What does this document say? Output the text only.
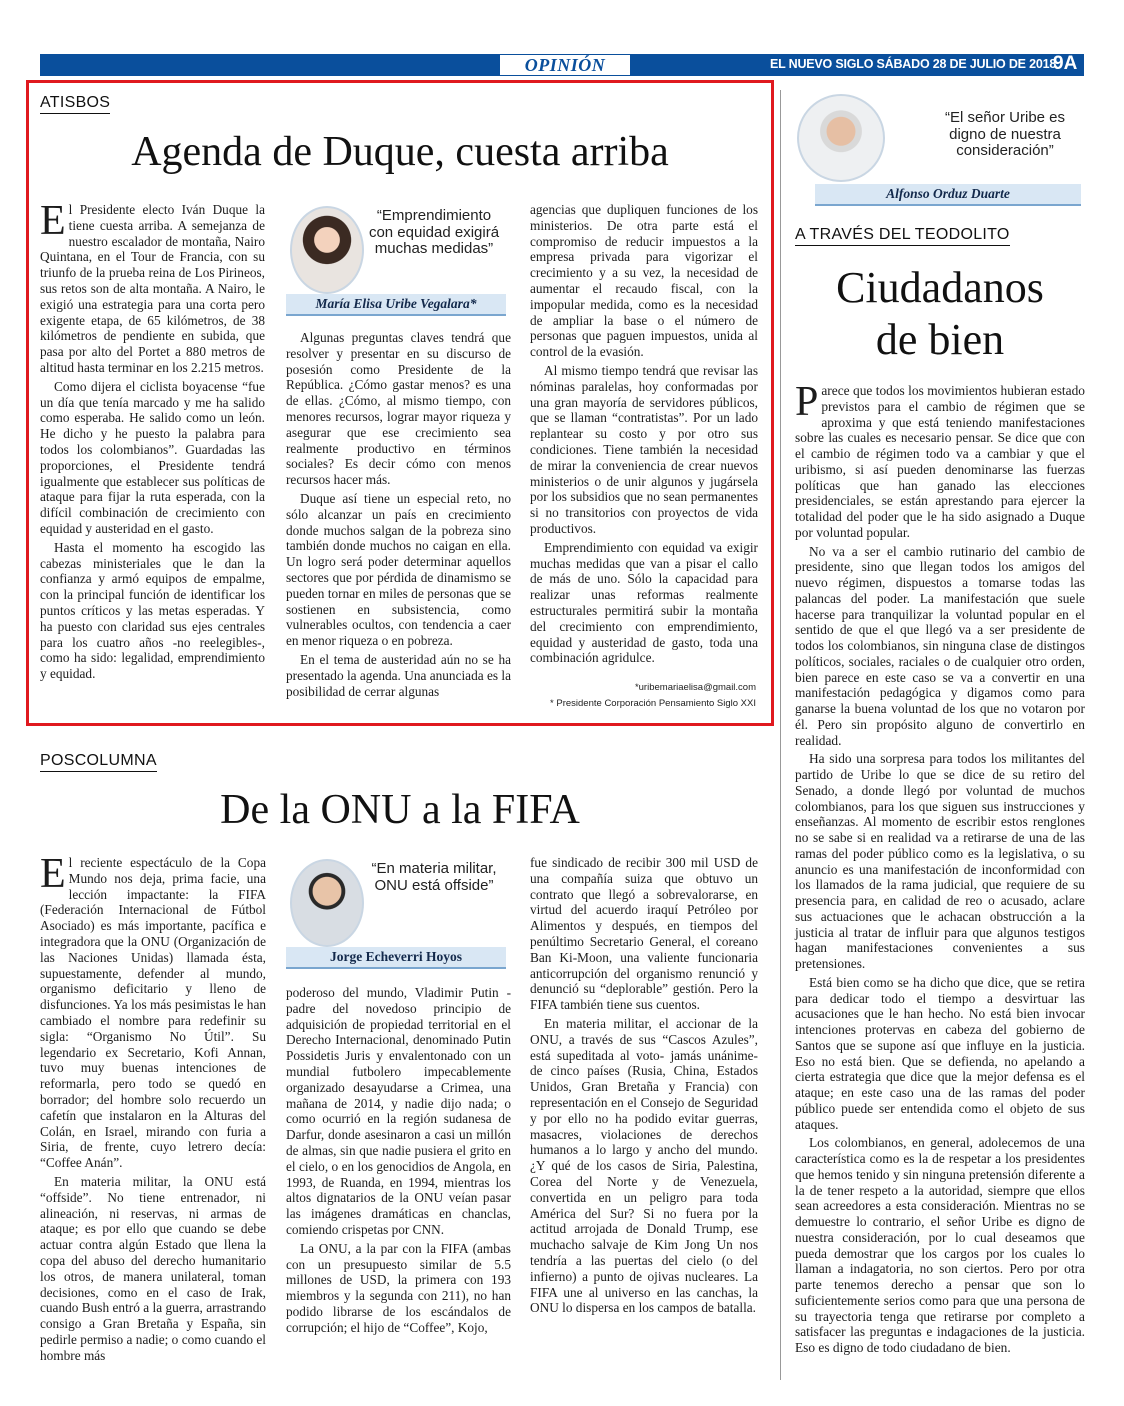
OPINIÓN	EL NUEVO SIGLO SÁBADO 28 DE JULIO DE 2018
9A
ATISBOS
Agenda de Duque, cuesta arriba

El Presidente electo Iván Duque la tiene cuesta arriba. A semejanza de nuestro escalador de montaña, Nairo Quintana, en el Tour de Francia, con su triunfo de la prueba reina de Los Pirineos, sus retos son de alta montaña. A Nairo, le exigió una estrategia para una corta pero exigente etapa, de 65 kilómetros, de 38 kilómetros de pendiente en subida, que pasa por alto del Portet a 880 metros de altitud hasta terminar en los 2.215 metros.

Como dijera el ciclista boyacense “fue un día que tenía marcado y me ha salido como esperaba. He salido como un león. He dicho y he puesto la palabra para todos los colombianos”. Guardadas las proporciones, el Presidente tendrá igualmente que establecer sus políticas de ataque para fijar la ruta esperada, con la difícil combinación de crecimiento con equidad y austeridad en el gasto.

Hasta el momento ha escogido las cabezas ministeriales que le dan la confianza y armó equipos de empalme, con la principal función de identificar los puntos críticos y las metas esperadas. Y ha puesto con claridad sus ejes centrales para los cuatro años -no reelegibles-, como ha sido: legalidad, emprendimiento y equidad.

“Emprendimiento con equidad exigirá muchas medidas”
María Elisa Uribe Vegalara*

Algunas preguntas claves tendrá que resolver y presentar en su discurso de posesión como Presidente de la República. ¿Cómo gastar menos? es una de ellas. ¿Cómo, al mismo tiempo, con menores recursos, lograr mayor riqueza y asegurar que ese crecimiento sea realmente productivo en términos sociales? Es decir cómo con menos recursos hacer más.

Duque así tiene un especial reto, no sólo alcanzar un país en crecimiento donde muchos salgan de la pobreza sino también donde muchos no caigan en ella. Un logro será poder determinar aquellos sectores que por pérdida de dinamismo se pueden tornar en miles de personas que se sostienen en subsistencia, como vulnerables ocultos, con tendencia a caer en menor riqueza o en pobreza.

En el tema de austeridad aún no se ha presentado la agenda. Una anunciada es la posibilidad de cerrar algunas

agencias que dupliquen funciones de los ministerios. De otra parte está el compromiso de reducir impuestos a la empresa privada para vigorizar el crecimiento y a su vez, la necesidad de aumentar el recaudo fiscal, con la impopular medida, como es la necesidad de ampliar la base o el número de personas que paguen impuestos, unida al control de la evasión.

Al mismo tiempo tendrá que revisar las nóminas paralelas, hoy conformadas por una gran mayoría de servidores públicos, que se llaman “contratistas”. Por un lado replantear su costo y por otro sus condiciones. Tiene también la necesidad de mirar la conveniencia de crear nuevos ministerios o de unir algunos y jugársela por los subsidios que no sean permanentes si no transitorios con proyectos de vida productivos.

Emprendimiento con equidad va exigir muchas medidas que van a pisar el callo de más de uno. Sólo la capacidad para realizar unas reformas realmente estructurales permitirá subir la montaña del crecimiento con emprendimiento, equidad y austeridad de gasto, toda una combinación agridulce.

*uribemariaelisa@gmail.com
* Presidente Corporación Pensamiento Siglo XXI
POSCOLUMNA
De la ONU a la FIFA

El reciente espectáculo de la Copa Mundo nos deja, prima facie, una lección impactante: la FIFA (Federación Internacional de Fútbol Asociado) es más importante, pacífica e integradora que la ONU (Organización de las Naciones Unidas) llamada ésta, supuestamente, defender al mundo, organismo deficitario y lleno de disfunciones. Ya los más pesimistas le han cambiado el nombre para redefinir su sigla: “Organismo No Útil”. Su legendario ex Secretario, Kofi Annan, tuvo muy buenas intenciones de reformarla, pero todo se quedó en borrador; del hombre solo recuerdo un cafetín que instalaron en la Alturas del Colán, en Israel, mirando con furia a Siria, de frente, cuyo letrero decía: “Coffee Anán”.

En materia militar, la ONU está “offside”. No tiene entrenador, ni alineación, ni reservas, ni armas de ataque; es por ello que cuando se debe actuar contra algún Estado que llena la copa del abuso del derecho humanitario los otros, de manera unilateral, toman decisiones, como en el caso de Irak, cuando Bush entró a la guerra, arrastrando consigo a Gran Bretaña y España, sin pedirle permiso a nadie; o como cuando el hombre más

“En materia militar, ONU está offside”
Jorge Echeverri Hoyos

poderoso del mundo, Vladimir Putin -padre del novedoso principio de adquisición de propiedad territorial en el Derecho Internacional, denominado Putin Possidetis Juris y envalentonado con un mundial futbolero impecablemente organizado desayudarse a Crimea, una mañana de 2014, y nadie dijo nada; o como ocurrió en la región sudanesa de Darfur, donde asesinaron a casi un millón de almas, sin que nadie pusiera el grito en el cielo, o en los genocidios de Angola, en 1993, de Ruanda, en 1994, mientras los altos dignatarios de la ONU veían pasar las imágenes dramáticas en chanclas, comiendo crispetas por CNN.

La ONU, a la par con la FIFA (ambas con un presupuesto similar de 5.5 millones de USD, la primera con 193 miembros y la segunda con 211), no han podido librarse de los escándalos de corrupción; el hijo de “Coffee”, Kojo,

fue sindicado de recibir 300 mil USD de una compañía suiza que obtuvo un contrato que llegó a sobrevalorarse, en virtud del acuerdo iraquí Petróleo por Alimentos y después, en tiempos del penúltimo Secretario General, el coreano Ban Ki-Moon, una valiente funcionaria anticorrupción del organismo renunció y denunció su “deplorable” gestión. Pero la FIFA también tiene sus cuentos.

En materia militar, el accionar de la ONU, a través de sus “Cascos Azules”, está supeditada al voto- jamás unánime- de cinco países (Rusia, China, Estados Unidos, Gran Bretaña y Francia) con representación en el Consejo de Seguridad y por ello no ha podido evitar guerras, masacres, violaciones de derechos humanos a lo largo y ancho del mundo. ¿Y qué de los casos de Siria, Palestina, Corea del Norte y de Venezuela, convertida en un peligro para toda América del Sur? Si no fuera por la actitud arrojada de Donald Trump, ese muchacho salvaje de Kim Jong Un nos tendría a las puertas del cielo (o del infierno) a punto de ojivas nucleares. La FIFA une al universo en las canchas, la ONU lo dispersa en los campos de batalla.

“El señor Uribe es digno de nuestra consideración”
Alfonso Orduz Duarte
A TRAVÉS DEL TEODOLITO
Ciudadanos
de bien

Parece que todos los movimientos hubieran estado previstos para el cambio de régimen que se aproxima y que está teniendo manifestaciones sobre las cuales es necesario pensar. Se dice que con el cambio de régimen todo va a cambiar y que el uribismo, si así pueden denominarse las fuerzas políticas que han ganado las elecciones presidenciales, se están aprestando para ejercer la totalidad del poder que le ha sido asignado a Duque por voluntad popular.

No va a ser el cambio rutinario del cambio de presidente, sino que llegan todos los amigos del nuevo régimen, dispuestos a tomarse todas las palancas del poder. La manifestación que suele hacerse para tranquilizar la voluntad popular en el sentido de que el que llegó va a ser presidente de todos los colombianos, sin ninguna clase de distingos políticos, sociales, raciales o de cualquier otro orden, bien parece en este caso se va a convertir en una manifestación pedagógica y digamos como para ganarse la buena voluntad de los que no votaron por él. Pero sin propósito alguno de convertirlo en realidad.

Ha sido una sorpresa para todos los militantes del partido de Uribe lo que se dice de su retiro del Senado, a donde llegó por voluntad de muchos colombianos, para los que siguen sus instrucciones y enseñanzas. Al momento de escribir estos renglones no se sabe si en realidad va a retirarse de una de las ramas del poder público como es la legislativa, o su anuncio es una manifestación de inconformidad con los llamados de la rama judicial, que requiere de su presencia para, en calidad de reo o acusado, aclare sus actuaciones que le achacan obstrucción a la justicia al tratar de influir para que algunos testigos hagan manifestaciones convenientes a sus pretensiones.

Está bien como se ha dicho que dice, que se retira para dedicar todo el tiempo a desvirtuar las acusaciones que le han hecho. No está bien invocar intenciones protervas en cabeza del gobierno de Santos que se supone así que influye en la justicia. Eso no está bien. Que se defienda, no apelando a cierta estrategia que dice que la mejor defensa es el ataque; en este caso una de las ramas del poder público puede ser entendida como el objeto de sus ataques.

Los colombianos, en general, adolecemos de una característica como es la de respetar a los presidentes que hemos tenido y sin ninguna pretensión diferente a la de tener respeto a la autoridad, siempre que ellos sean acreedores a esta consideración. Mientras no se demuestre lo contrario, el señor Uribe es digno de nuestra consideración, por lo cual deseamos que pueda demostrar que los cargos por los cuales lo llaman a indagatoria, no son ciertos. Pero por otra parte tenemos derecho a pensar que son lo suficientemente serios como para que una persona de su trayectoria tenga que retirarse por completo a satisfacer las preguntas e indagaciones de la justicia. Eso es digno de todo ciudadano de bien.
